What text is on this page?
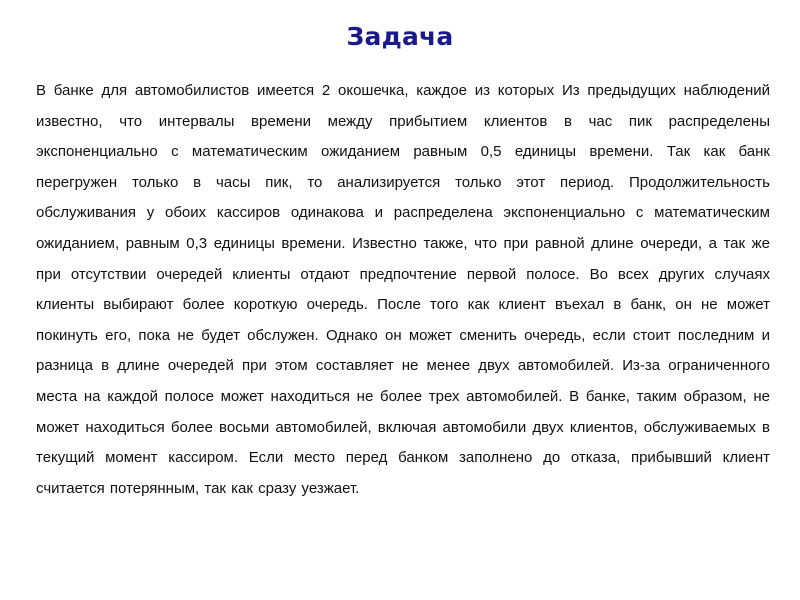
Задача

В банке для автомобилистов имеется 2 окошечка, каждое из которых Из предыдущих наблюдений известно, что интервалы времени между прибытием клиентов в час пик распределены экспоненциально с математическим ожиданием равным 0,5 единицы времени. Так как банк перегружен только в часы пик, то анализируется только этот период. Продолжительность обслуживания у обоих кассиров одинакова и распределена экспоненциально с математическим ожиданием, равным 0,3 единицы времени. Известно также, что при равной длине очереди, а так же при отсутствии очередей клиенты отдают предпочтение первой полосе. Во всех других случаях клиенты выбирают более короткую очередь. После того как клиент въехал в банк, он не может покинуть его, пока не будет обслужен. Однако он может сменить очередь, если стоит последним и разница в длине очередей при этом составляет не менее двух автомобилей. Из-за ограниченного места на каждой полосе может находиться не более трех автомобилей. В банке, таким образом, не может находиться более восьми автомобилей, включая автомобили двух клиентов, обслуживаемых в текущий момент кассиром. Если место перед банком заполнено до отказа, прибывший клиент считается потерянным, так как сразу уезжает.
